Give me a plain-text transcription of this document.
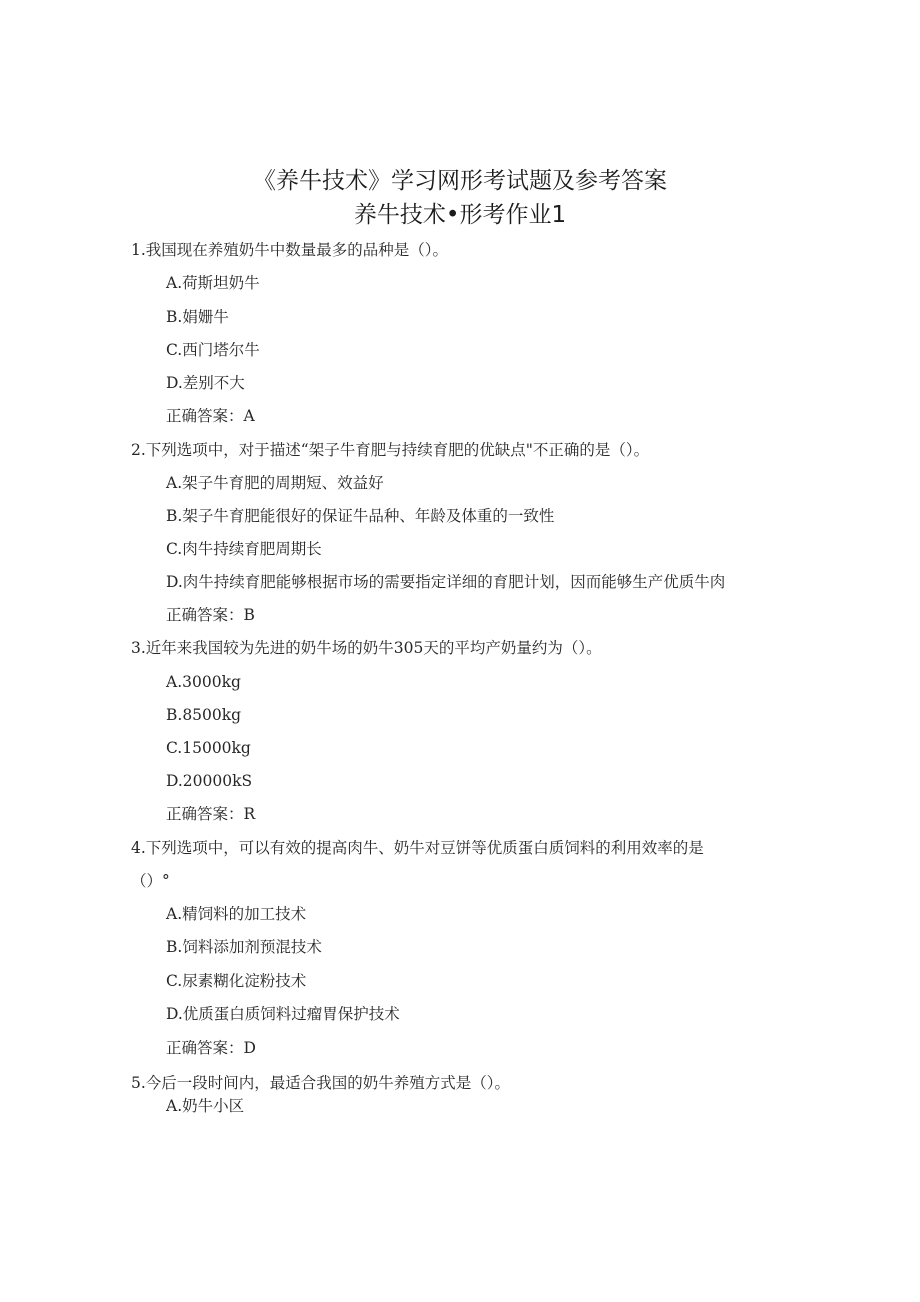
《养牛技术》学习网形考试题及参考答案
养牛技术•形考作业1
1.我国现在养殖奶牛中数量最多的品种是（）。
A.荷斯坦奶牛
B.娟姗牛
C.西门塔尔牛
D.差别不大
正确答案：A
2.下列选项中，对于描述“架子牛育肥与持续育肥的优缺点"不正确的是（）。
A.架子牛育肥的周期短、效益好
B.架子牛育肥能很好的保证牛品种、年龄及体重的一致性
C.肉牛持续育肥周期长
D.肉牛持续育肥能够根据市场的需要指定详细的育肥计划，因而能够生产优质牛肉
正确答案：B
3.近年来我国较为先进的奶牛场的奶牛305天的平均产奶量约为（）。
A.3000kg
B.8500kg
C.15000kg
D.20000kS
正确答案：R
4.下列选项中，可以有效的提高肉牛、奶牛对豆饼等优质蛋白质饲料的利用效率的是
（）°
A.精饲料的加工技术
B.饲料添加剂预混技术
C.尿素糊化淀粉技术
D.优质蛋白质饲料过瘤胃保护技术
正确答案：D
5.今后一段时间内，最适合我国的奶牛养殖方式是（）。
A.奶牛小区
